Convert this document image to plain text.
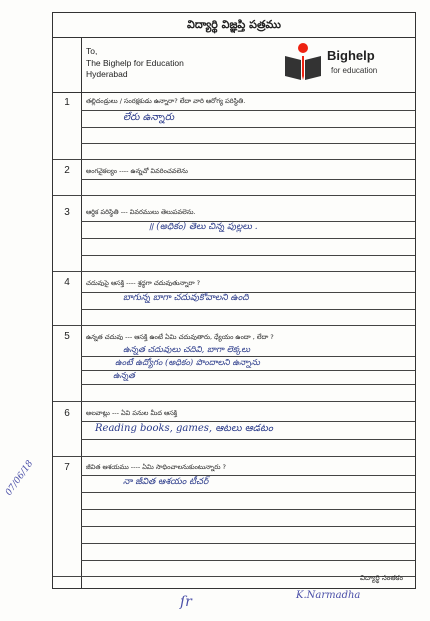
విద్యార్థి విజ్ఞప్తి పత్రము
To,
The Bighelp for Education
Hyderabad
Bighelp
for education
1	తల్లిదండ్రులు / సంరక్షకుడు ఉన్నారా? లేదా వారి ఆరోగ్య పరిస్థితి.
లేరు ఉన్నారు
2	అంగవైకల్యం ---- ఉన్నచో వివరించవలెను
3	ఆర్థిక పరిస్థితి --- వివరములు తెలుపవలెను.
॥ (అధికం) తెలు చిన్న పుల్లలు .
4	చదువుపై ఆసక్తి ---- శ్రద్ధగా చదువుతున్నారా ?
బాగున్న బాగా చదువుకోవాలని ఉంది
5	ఉన్నత చదువు --- ఆసక్తి ఉంటే ఏమి చదువుతారు, ధ్యేయం ఉందా , లేదా ?
ఉన్నత చదువులు చదివి, బాగా లెక్కలు
ఉంటే ఉద్యోగం (అధికం) పొందాలని ఉన్నాను
ఉన్నత
6	అలవాట్లు --- ఏవి పనుల మీద ఆసక్తి
Reading books, games, ఆటలు ఆడటం
7	జీవిత ఆశయము ---- ఏమి సాధించాలనుకుంటున్నారు ?
నా జీవిత ఆశయం టీచర్
విద్యార్థి సంతకం
07/06/18
ſr	K.Narmadha
